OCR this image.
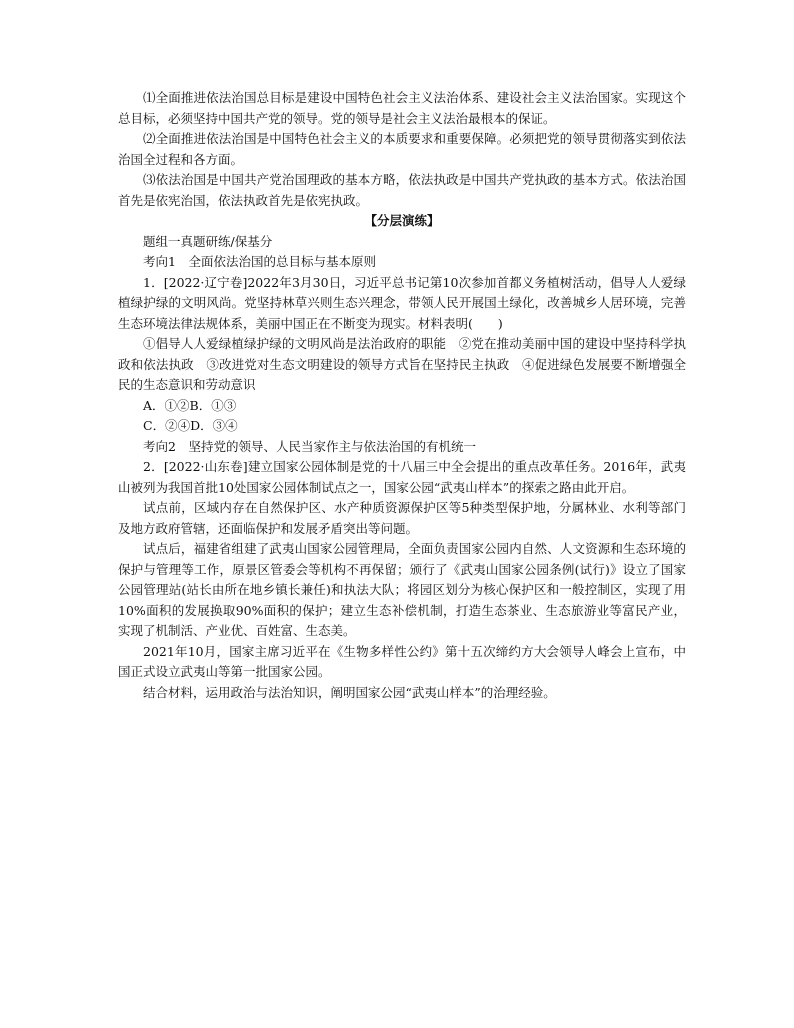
⑴全面推进依法治国总目标是建设中国特色社会主义法治体系、建设社会主义法治国家。实现这个总目标，必须坚持中国共产党的领导。党的领导是社会主义法治最根本的保证。

⑵全面推进依法治国是中国特色社会主义的本质要求和重要保障。必须把党的领导贯彻落实到依法治国全过程和各方面。

⑶依法治国是中国共产党治国理政的基本方略，依法执政是中国共产党执政的基本方式。依法治国首先是依宪治国，依法执政首先是依宪执政。

【分层演练】

题组一真题研练/保基分

考向1　全面依法治国的总目标与基本原则

1．[2022·辽宁卷]2022年3月30日，习近平总书记第10次参加首都义务植树活动，倡导人人爱绿植绿护绿的文明风尚。党坚持林草兴则生态兴理念，带领人民开展国土绿化，改善城乡人居环境，完善生态环境法律法规体系，美丽中国正在不断变为现实。材料表明(　　)

①倡导人人爱绿植绿护绿的文明风尚是法治政府的职能　②党在推动美丽中国的建设中坚持科学执政和依法执政　③改进党对生态文明建设的领导方式旨在坚持民主执政　④促进绿色发展要不断增强全民的生态意识和劳动意识

A．①②B．①③

C．②④D．③④

考向2　坚持党的领导、人民当家作主与依法治国的有机统一

2．[2022·山东卷]建立国家公园体制是党的十八届三中全会提出的重点改革任务。2016年，武夷山被列为我国首批10处国家公园体制试点之一，国家公园“武夷山样本”的探索之路由此开启。

试点前，区域内存在自然保护区、水产种质资源保护区等5种类型保护地，分属林业、水利等部门及地方政府管辖，还面临保护和发展矛盾突出等问题。

试点后，福建省组建了武夷山国家公园管理局，全面负责国家公园内自然、人文资源和生态环境的保护与管理等工作，原景区管委会等机构不再保留；颁行了《武夷山国家公园条例(试行)》设立了国家公园管理站(站长由所在地乡镇长兼任)和执法大队；将园区划分为核心保护区和一般控制区，实现了用10%面积的发展换取90%面积的保护；建立生态补偿机制，打造生态茶业、生态旅游业等富民产业，实现了机制活、产业优、百姓富、生态美。

2021年10月，国家主席习近平在《生物多样性公约》第十五次缔约方大会领导人峰会上宣布，中国正式设立武夷山等第一批国家公园。

结合材料，运用政治与法治知识，阐明国家公园“武夷山样本”的治理经验。
